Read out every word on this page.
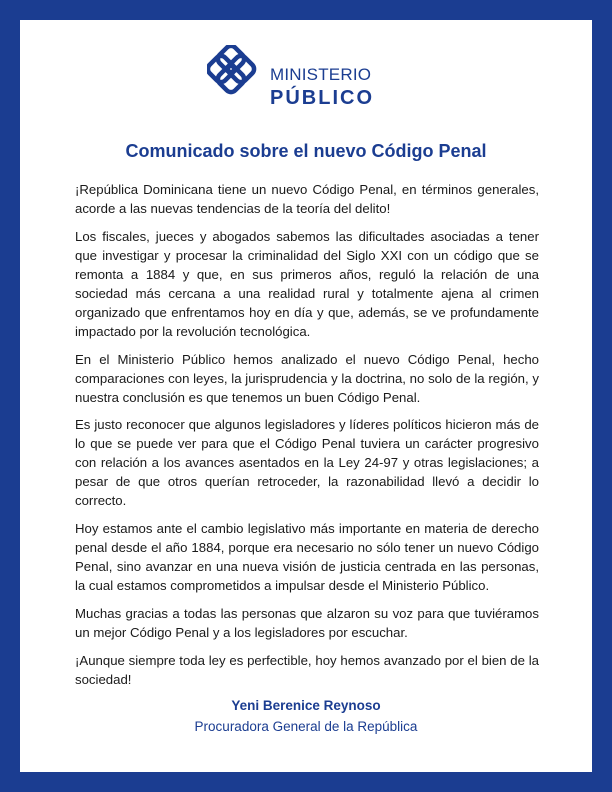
MINISTERIO
PÚBLICO
Comunicado sobre el nuevo Código Penal

¡República Dominicana tiene un nuevo Código Penal, en términos generales, acorde a las nuevas tendencias de la teoría del delito!

Los fiscales, jueces y abogados sabemos las dificultades asociadas a tener que investigar y procesar la criminalidad del Siglo XXI con un código que se remonta a 1884 y que, en sus primeros años, reguló la relación de una sociedad más cercana a una realidad rural y totalmente ajena al crimen organizado que enfrentamos hoy en día y que, además, se ve profundamente impactado por la revolución tecnológica.

En el Ministerio Público hemos analizado el nuevo Código Penal, hecho comparaciones con leyes, la jurisprudencia y la doctrina, no solo de la región, y nuestra conclusión es que tenemos un buen Código Penal.

Es justo reconocer que algunos legisladores y líderes políticos hicieron más de lo que se puede ver para que el Código Penal tuviera un carácter progresivo con relación a los avances asentados en la Ley 24-97 y otras legislaciones; a pesar de que otros querían retroceder, la razonabilidad llevó a decidir lo correcto.

Hoy estamos ante el cambio legislativo más importante en materia de derecho penal desde el año 1884, porque era necesario no sólo tener un nuevo Código Penal, sino avanzar en una nueva visión de justicia centrada en las personas, la cual estamos comprometidos a impulsar desde el Ministerio Público.

Muchas gracias a todas las personas que alzaron su voz para que tuviéramos un mejor Código Penal y a los legisladores por escuchar.

¡Aunque siempre toda ley es perfectible, hoy hemos avanzado por el bien de la sociedad!

Yeni Berenice Reynoso
Procuradora General de la República
